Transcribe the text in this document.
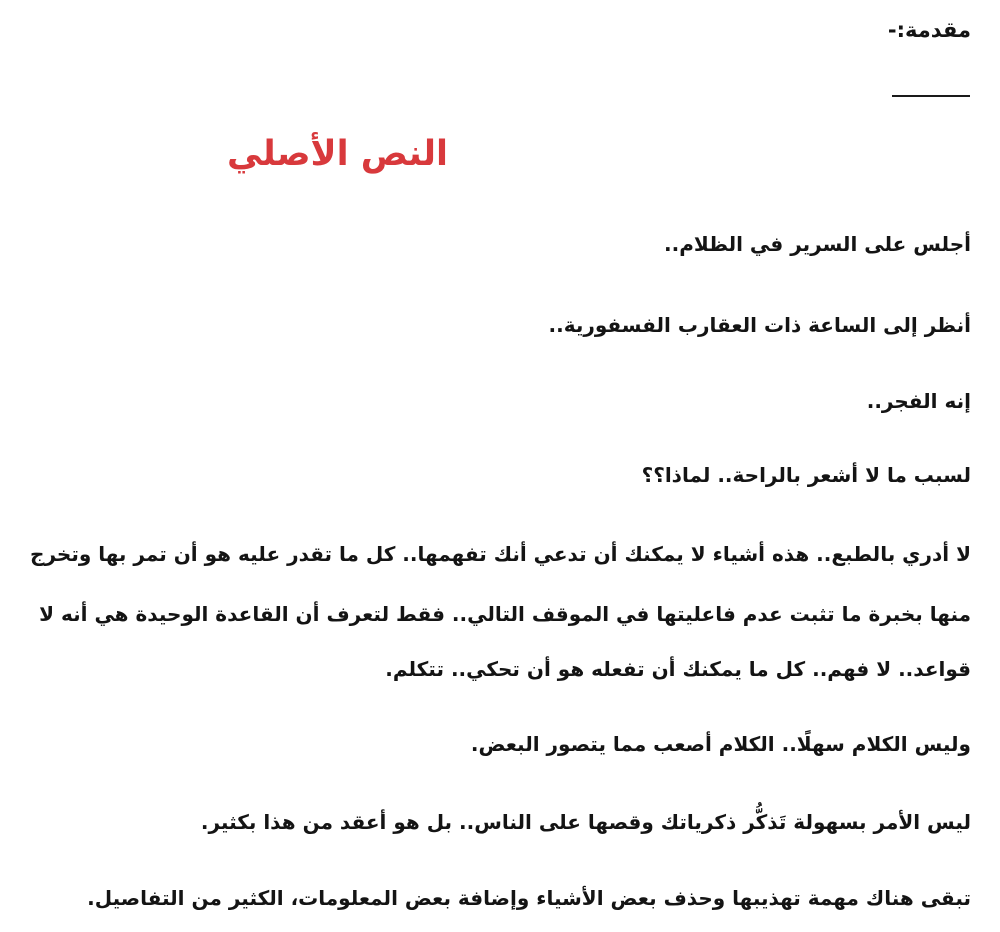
مقدمة:-
النص الأصلي
أجلس على السرير في الظلام..
أنظر إلى الساعة ذات العقارب الفسفورية..
إنه الفجر..
لسبب ما لا أشعر بالراحة.. لماذا؟؟
لا أدري بالطبع.. هذه أشياء لا يمكنك أن تدعي أنك تفهمها.. كل ما تقدر عليه هو أن تمر بها وتخرج
منها بخبرة ما تثبت عدم فاعليتها في الموقف التالي.. فقط لتعرف أن القاعدة الوحيدة هي أنه لا
قواعد.. لا فهم.. كل ما يمكنك أن تفعله هو أن تحكي.. تتكلم.
وليس الكلام سهلًا.. الكلام أصعب مما يتصور البعض.
ليس الأمر بسهولة تَذكُّر ذكرياتك وقصها على الناس.. بل هو أعقد من هذا بكثير.
تبقى هناك مهمة تهذيبها وحذف بعض الأشياء وإضافة بعض المعلومات، الكثير من التفاصيل.
